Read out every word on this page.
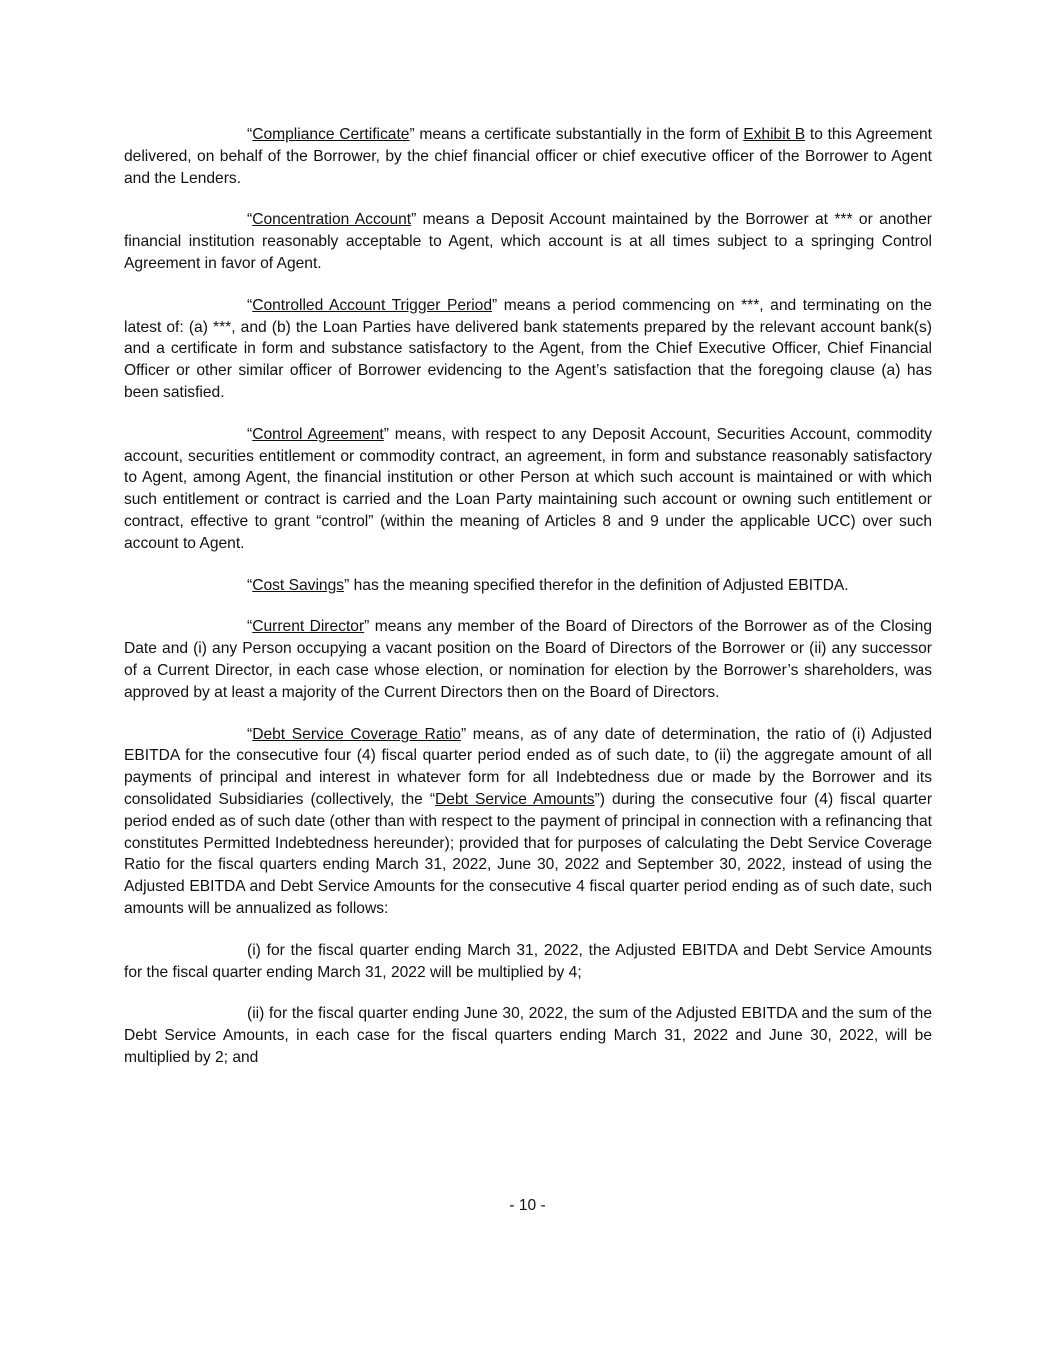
“Compliance Certificate” means a certificate substantially in the form of Exhibit B to this Agreement delivered, on behalf of the Borrower, by the chief financial officer or chief executive officer of the Borrower to Agent and the Lenders.

“Concentration Account” means a Deposit Account maintained by the Borrower at *** or another financial institution reasonably acceptable to Agent, which account is at all times subject to a springing Control Agreement in favor of Agent.

“Controlled Account Trigger Period” means a period commencing on ***, and terminating on the latest of: (a) ***, and (b) the Loan Parties have delivered bank statements prepared by the relevant account bank(s) and a certificate in form and substance satisfactory to the Agent, from the Chief Executive Officer, Chief Financial Officer or other similar officer of Borrower evidencing to the Agent’s satisfaction that the foregoing clause (a) has been satisfied.

“Control Agreement” means, with respect to any Deposit Account, Securities Account, commodity account, securities entitlement or commodity contract, an agreement, in form and substance reasonably satisfactory to Agent, among Agent, the financial institution or other Person at which such account is maintained or with which such entitlement or contract is carried and the Loan Party maintaining such account or owning such entitlement or contract, effective to grant “control” (within the meaning of Articles 8 and 9 under the applicable UCC) over such account to Agent.

“Cost Savings” has the meaning specified therefor in the definition of Adjusted EBITDA.

“Current Director” means any member of the Board of Directors of the Borrower as of the Closing Date and (i) any Person occupying a vacant position on the Board of Directors of the Borrower or (ii) any successor of a Current Director, in each case whose election, or nomination for election by the Borrower’s shareholders, was approved by at least a majority of the Current Directors then on the Board of Directors.

“Debt Service Coverage Ratio” means, as of any date of determination, the ratio of (i) Adjusted EBITDA for the consecutive four (4) fiscal quarter period ended as of such date, to (ii) the aggregate amount of all payments of principal and interest in whatever form for all Indebtedness due or made by the Borrower and its consolidated Subsidiaries (collectively, the “Debt Service Amounts”) during the consecutive four (4) fiscal quarter period ended as of such date (other than with respect to the payment of principal in connection with a refinancing that constitutes Permitted Indebtedness hereunder); provided that for purposes of calculating the Debt Service Coverage Ratio for the fiscal quarters ending March 31, 2022, June 30, 2022 and September 30, 2022, instead of using the Adjusted EBITDA and Debt Service Amounts for the consecutive 4 fiscal quarter period ending as of such date, such amounts will be annualized as follows:

(i) for the fiscal quarter ending March 31, 2022, the Adjusted EBITDA and Debt Service Amounts for the fiscal quarter ending March 31, 2022 will be multiplied by 4;

(ii) for the fiscal quarter ending June 30, 2022, the sum of the Adjusted EBITDA and the sum of the Debt Service Amounts, in each case for the fiscal quarters ending March 31, 2022 and June 30, 2022, will be multiplied by 2; and

- 10 -
